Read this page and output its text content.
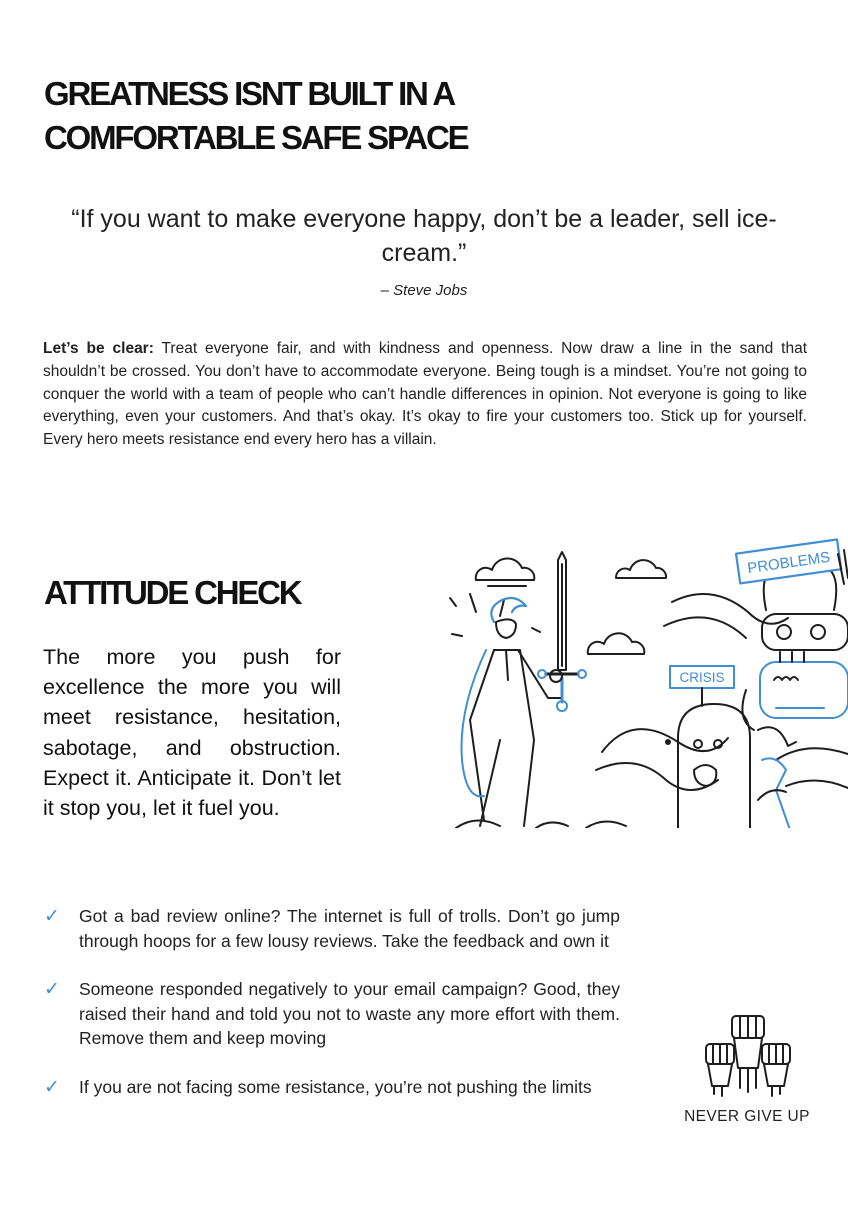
GREATNESS ISNT BUILT IN A
COMFORTABLE SAFE SPACE
“If you want to make everyone happy, don’t be a leader, sell ice-cream.”
– Steve Jobs
Let’s be clear: Treat everyone fair, and with kindness and openness. Now draw a line in the sand that shouldn’t be crossed. You don’t have to accommodate everyone. Being tough is a mindset. You’re not going to conquer the world with a team of people who can’t handle differences in opinion. Not everyone is going to like everything, even your customers. And that’s okay. It’s okay to fire your customers too. Stick up for yourself. Every hero meets resistance end every hero has a villain.
ATTITUDE CHECK
The more you push for excellence the more you will meet resistance, hesitation, sabotage, and obstruction. Expect it. Anticipate it. Don’t let it stop you, let it fuel you.
PROBLEMS
CRISIS
✓ Got a bad review online? The internet is full of trolls. Don’t go jump through hoops for a few lousy reviews. Take the feedback and own it
✓ Someone responded negatively to your email campaign? Good, they raised their hand and told you not to waste any more effort with them. Remove them and keep moving
✓ If you are not facing some resistance, you’re not pushing the limits
NEVER GIVE UP
